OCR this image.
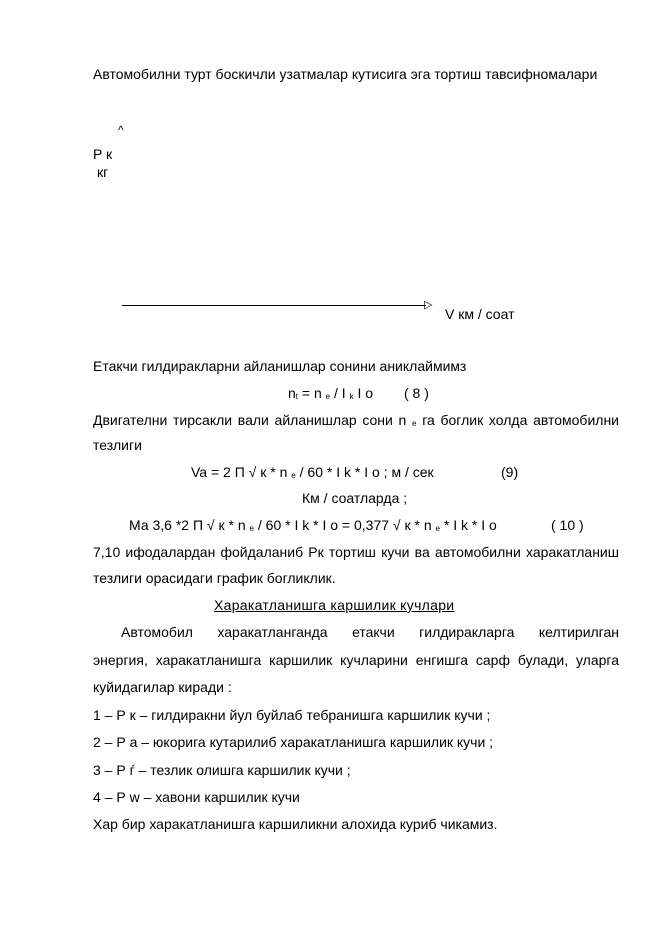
Автомобилни турт боскичли узатмалар кутисига эга тортиш тавсифномалари
^
P к
кг
▷
V км / соат
Етакчи гилдиракларни айланишлар сонини аниклаймимз
$n_t = n$ $_e$ / I $_k$ I o ( 8 )
Двигателни тирсакли вали айланишлар сони n $_e$ га боглик холда автомобилни
тезлиги
Va = 2 П √ к * n $_e$ / 60 * I k * I o ; м / сек	(9)
Км / соатларда ;
Ма 3,6 *2 П √ к * n $_e$ / 60 * I k * I o = 0,377 √ к * n $_e$ * I k * I o	( 10 )
7,10 ифодалардан фойдаланиб Рк тортиш кучи ва автомобилни харакатланиш
тезлиги орасидаги график богликлик.
Харакатланишга каршилик кучлари
Автомобил харакатланганда етакчи гилдиракларга келтирилган
энергия, харакатланишга каршилик кучларини енгишга сарф булади, уларга
куйидагилар киради :
1 – Р к – гилдиракни йул буйлаб тебранишга каршилик кучи ;
2 – Р а – юкорига кутарилиб харакатланишга каршилик кучи ;
3 – Р ѓ – тезлик олишга каршилик кучи ;
4 – Р w – хавони каршилик кучи
Хар бир харакатланишга каршиликни алохида куриб чикамиз.
